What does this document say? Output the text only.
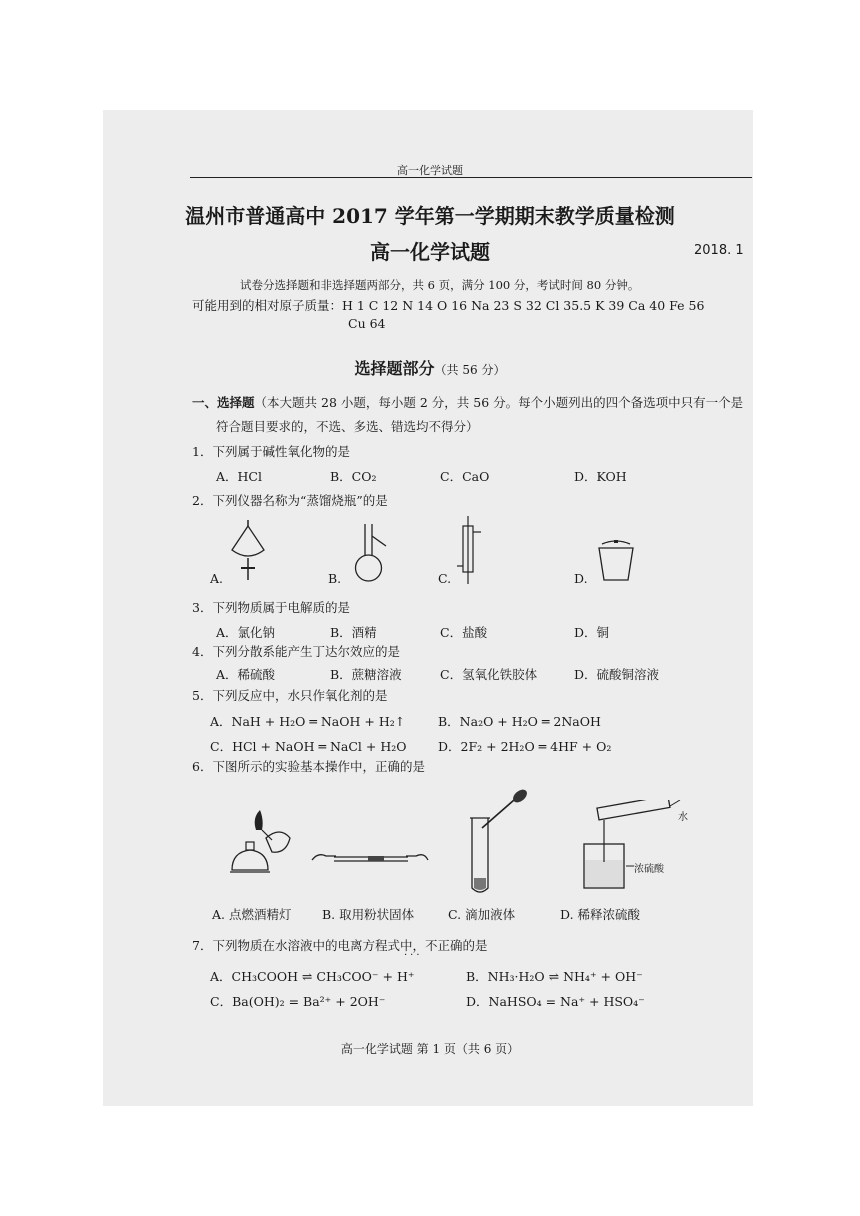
高一化学试题
温州市普通高中 2017 学年第一学期期末教学质量检测
高一化学试题	2018. 1
试卷分选择题和非选择题两部分，共 6 页，满分 100 分，考试时间 80 分钟。
可能用到的相对原子质量：H 1 C 12 N 14 O 16 Na 23 S 32 Cl 35.5 K 39 Ca 40 Fe 56
Cu 64
选择题部分（共 56 分）
一、选择题（本大题共 28 小题，每小题 2 分，共 56 分。每个小题列出的四个备选项中只有一个是
符合题目要求的，不选、多选、错选均不得分）
1．下列属于碱性氧化物的是
A．HCl	B．CO₂	C．CaO	D．KOH
2．下列仪器名称为“蒸馏烧瓶”的是
A.	B.	C.	D.
3．下列物质属于电解质的是
A．氯化钠	B．酒精	C．盐酸	D．铜
4．下列分散系能产生丁达尔效应的是
A．稀硫酸	B．蔗糖溶液	C．氢氧化铁胶体	D．硫酸铜溶液
5．下列反应中，水只作氧化剂的是
A．NaH + H₂O ═ NaOH + H₂↑	B．Na₂O + H₂O ═ 2NaOH
C．HCl + NaOH ═ NaCl + H₂O	D．2F₂ + 2H₂O ═ 4HF + O₂
6．下图所示的实验基本操作中，正确的是
水
浓硫酸
A. 点燃酒精灯 B. 取用粉状固体	C. 滴加液体	D. 稀释浓硫酸
7．下列物质在水溶液中的电离方程式中，不正确的是
···
A．CH₃COOH ⇌ CH₃COO⁻ + H⁺	B．NH₃·H₂O ⇌ NH₄⁺ + OH⁻
C．Ba(OH)₂ = Ba²⁺ + 2OH⁻	D．NaHSO₄ = Na⁺ + HSO₄⁻
高一化学试题 第 1 页（共 6 页）
